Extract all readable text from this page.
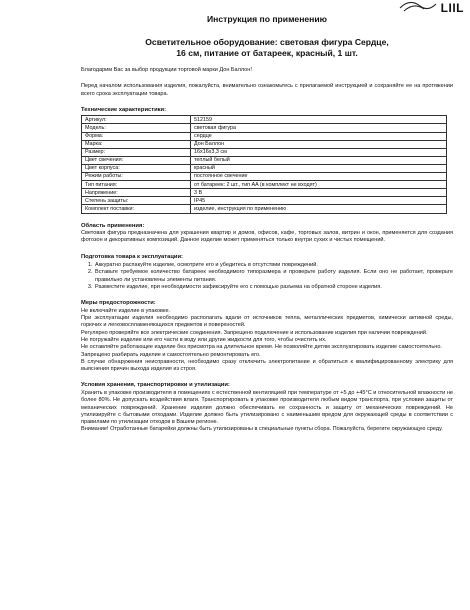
LIIL
Инструкция по применению
Осветительное оборудование: световая фигура Сердце,
16 см, питание от батареек, красный, 1 шт.

Благодарим Вас за выбор продукции торговой марки Дон Баллон!

Перед началом использования изделия, пожалуйста, внимательно ознакомьтесь с прилагаемой инструкцией и сохраняйте ее на протяжении всего срока эксплуатации товара.

Технические характеристики:
Артикул:	512159
Модель:	световая фигура
Форма:	сердце
Марка:	Дон Баллон
Размер:	16x16x3,3 см
Цвет свечения:	теплый белый
Цвет корпуса:	красный
Режим работы:	постоянное свечение
Тип питания:	от батареек: 2 шт., тип AA (в комплект не входят)
Напряжение:	3 В
Степень защиты:	IP45
Комплект поставки:	изделие, инструкция по применению
Область применения:

Световая фигура предназначена для украшения квартир и домов, офисов, кафе, торговых залов, витрин и окон, применяется для создания фотозон и декоративных композиций. Данное изделие может применяться только внутри сухих и чистых помещений.

Подготовка товара к эксплуатации:
1. Аккуратно распакуйте изделие, осмотрите его и убедитесь в отсутствии повреждений.
2. Вставьте требуемое количество батареек необходимого типоразмера и проверьте работу изделия. Если оно не работает, проверьте правильно ли установлены элементы питания.
3. Разместите изделие, при необходимости зафиксируйте его с помощью разъема на обратной стороне изделия.
Меры предосторожности:

Не включайте изделие в упаковке.

При эксплуатации изделия необходимо располагать вдали от источников тепла, металлических предметов, химически активной среды, горючих и легковоспламеняющихся предметов и поверхностей.

Регулярно проверяйте все электрические соединения. Запрещено подключение и использование изделия при наличии повреждений.

Не погружайте изделие или его части в воду или другие жидкости для того, чтобы очистить их.

Не оставляйте работающее изделие без присмотра на длительное время. Не позволяйте детям эксплуатировать изделие самостоятельно.

Запрещено разбирать изделие и самостоятельно ремонтировать его.

В случае обнаружения неисправности, необходимо сразу отключить электропитание и обратиться к квалифицированному электрику для выяснения причин выхода изделия из строя.

Условия хранения, транспортировки и утилизации:

Хранить в упаковке производителя в помещениях с естественной вентиляцией при температуре от +5 до +45°С и относительной влажности не более 80%. Не допускать воздействия влаги. Транспортировать в упаковке производителя любым видом транспорта, при условии защиты от механических повреждений. Хранение изделия должно обеспечивать ее сохранность и защиту от механических повреждений. Не утилизируйте с бытовыми отходами. Изделие должно быть утилизировано с наименьшим вредом для окружающей среды в соответствии с правилами по утилизации отходов в Вашем регионе.

Внимание! Отработанные батарейки должны быть утилизированы в специальные пункты сбора. Пожалуйста, берегите окружающую среду.
